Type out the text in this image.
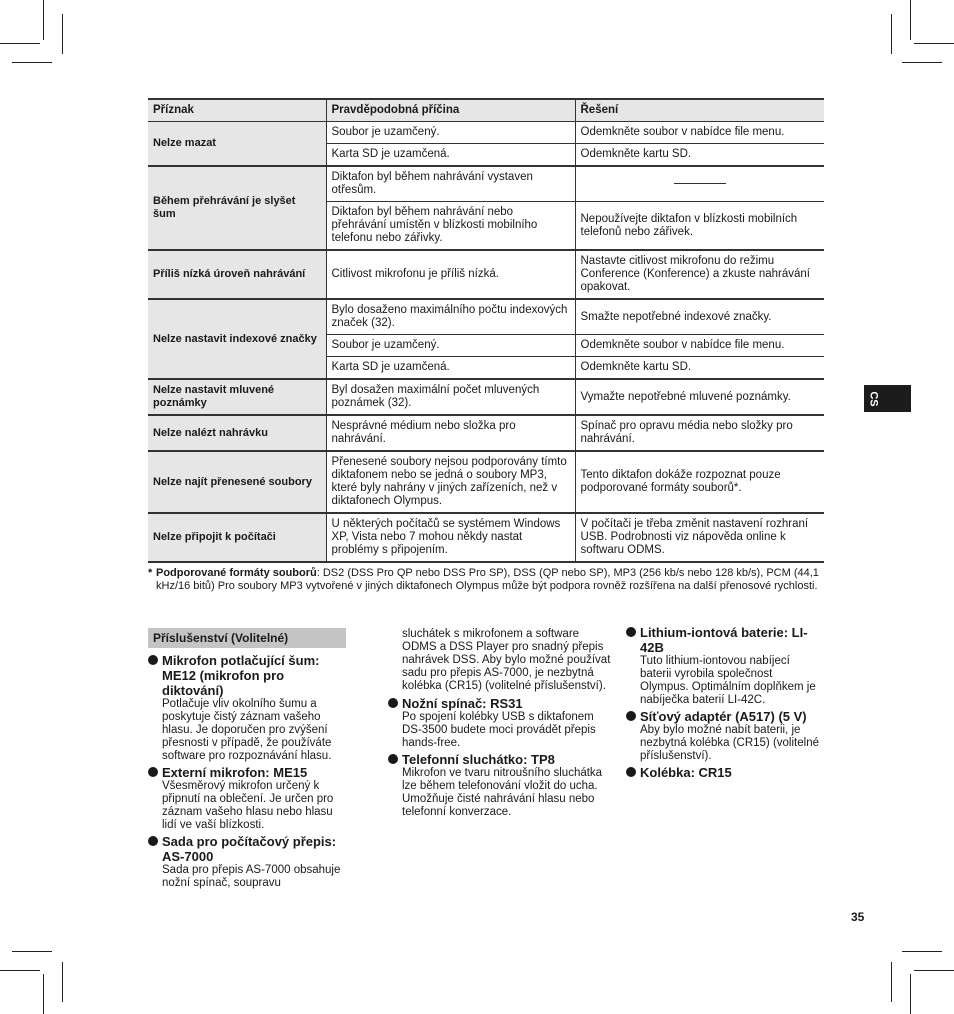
Příznak	Pravděpodobná příčina	Řešení
Nelze mazat	Soubor je uzamčený.	Odemkněte soubor v nabídce file menu.
	Karta SD je uzamčená.	Odemkněte kartu SD.
Během přehrávání je slyšet šum	Diktafon byl během nahrávání vystaven otřesům.	
	Diktafon byl během nahrávání nebo přehrávání umístěn v blízkosti mobilního telefonu nebo zářivky.	Nepoužívejte diktafon v blízkosti mobilních telefonů nebo zářivek.
Příliš nízká úroveň nahrávání	Citlivost mikrofonu je příliš nízká.	Nastavte citlivost mikrofonu do režimu Conference (Konference) a zkuste nahrávání opakovat.
Nelze nastavit indexové značky	Bylo dosaženo maximálního počtu indexových značek (32).	Smažte nepotřebné indexové značky.
	Soubor je uzamčený.	Odemkněte soubor v nabídce file menu.
	Karta SD je uzamčená.	Odemkněte kartu SD.
Nelze nastavit mluvené poznámky	Byl dosažen maximální počet mluvených poznámek (32).	Vymažte nepotřebné mluvené poznámky.
Nelze nalézt nahrávku	Nesprávné médium nebo složka pro nahrávání.	Spínač pro opravu média nebo složky pro nahrávání.
Nelze najít přenesené soubory	Přenesené soubory nejsou podporovány tímto diktafonem nebo se jedná o soubory MP3, které byly nahrány v jiných zařízeních, než v diktafonech Olympus.	Tento diktafon dokáže rozpoznat pouze podporované formáty souborů*.
Nelze připojit k počítači	U některých počítačů se systémem Windows XP, Vista nebo 7 mohou někdy nastat problémy s připojením.	V počítači je třeba změnit nastavení rozhraní USB. Podrobnosti viz nápověda online k softwaru ODMS.
* Podporované formáty souborů: DS2 (DSS Pro QP nebo DSS Pro SP), DSS (QP nebo SP), MP3 (256 kb/s nebo 128 kb/s), PCM (44,1 kHz/16 bitů) Pro soubory MP3 vytvořené v jiných diktafonech Olympus může být podpora rovněž rozšířena na další přenosové rychlosti.
CS
Příslušenství (Volitelné)
Mikrofon potlačující šum: ME12 (mikrofon pro diktování)
Potlačuje vliv okolního šumu a poskytuje čistý záznam vašeho hlasu. Je doporučen pro zvýšení přesnosti v případě, že používáte software pro rozpoznávání hlasu.
Externí mikrofon: ME15
Všesměrový mikrofon určený k připnutí na oblečení. Je určen pro záznam vašeho hlasu nebo hlasu lidí ve vaší blízkosti.
Sada pro počítačový přepis: AS-7000
Sada pro přepis AS-7000 obsahuje nožní spínač, soupravu
sluchátek s mikrofonem a software ODMS a DSS Player pro snadný přepis nahrávek DSS. Aby bylo možné používat sadu pro přepis AS-7000, je nezbytná kolébka (CR15) (volitelné příslušenství).
Nožní spínač: RS31
Po spojení kolébky USB s diktafonem DS-3500 budete moci provádět přepis hands-free.
Telefonní sluchátko: TP8
Mikrofon ve tvaru nitroušního sluchátka lze během telefonování vložit do ucha. Umožňuje čisté nahrávání hlasu nebo telefonní konverzace.
Lithium-iontová baterie: LI-42B
Tuto lithium-iontovou nabíjecí baterii vyrobila společnost Olympus. Optimálním doplňkem je nabíječka baterií LI-42C.
Síťový adaptér (A517) (5 V)
Aby bylo možné nabít baterii, je nezbytná kolébka (CR15) (volitelné příslušenství).
Kolébka: CR15
35
